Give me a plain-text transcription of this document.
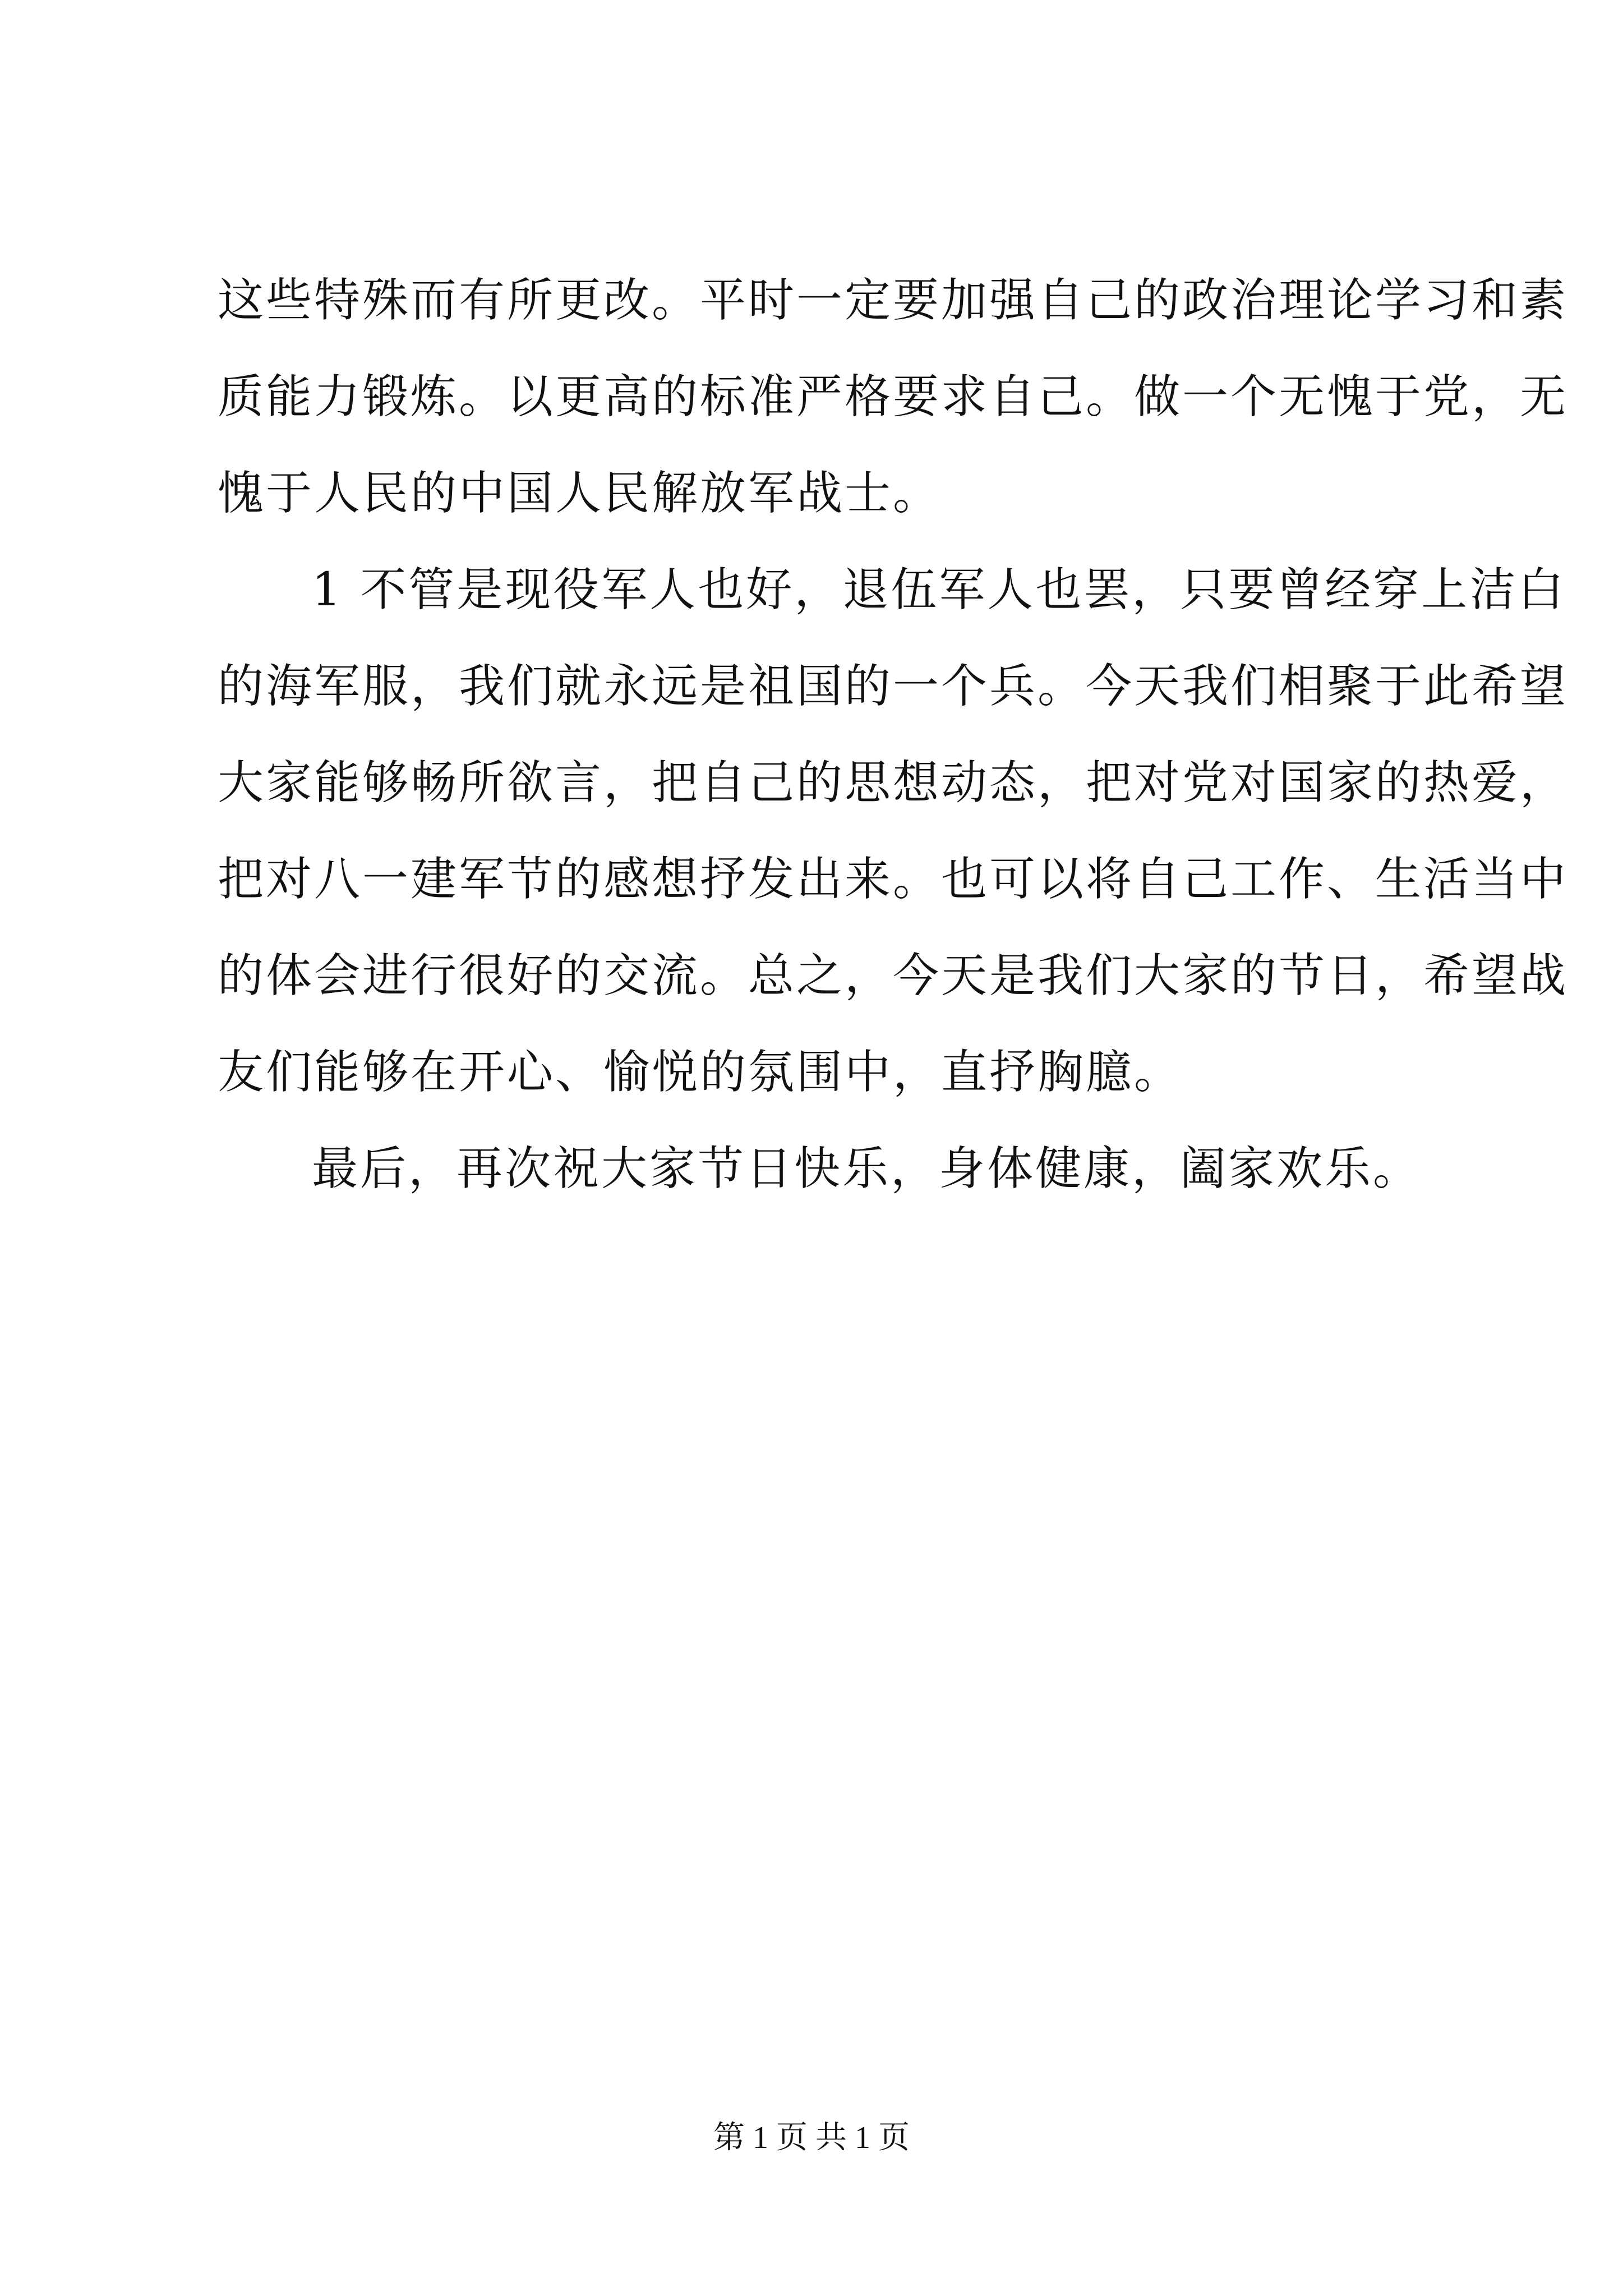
这些特殊而有所更改。平时一定要加强自己的政治理论学习和素
质能力锻炼。以更高的标准严格要求自己。做一个无愧于党，无
愧于人民的中国人民解放军战士。
1 不管是现役军人也好，退伍军人也罢，只要曾经穿上洁白
的海军服，我们就永远是祖国的一个兵。今天我们相聚于此希望
大家能够畅所欲言，把自己的思想动态，把对党对国家的热爱，
把对八一建军节的感想抒发出来。也可以将自己工作、生活当中
的体会进行很好的交流。总之，今天是我们大家的节日，希望战
友们能够在开心、愉悦的氛围中，直抒胸臆。
最后，再次祝大家节日快乐，身体健康，阖家欢乐。
第 1 页 共 1 页
